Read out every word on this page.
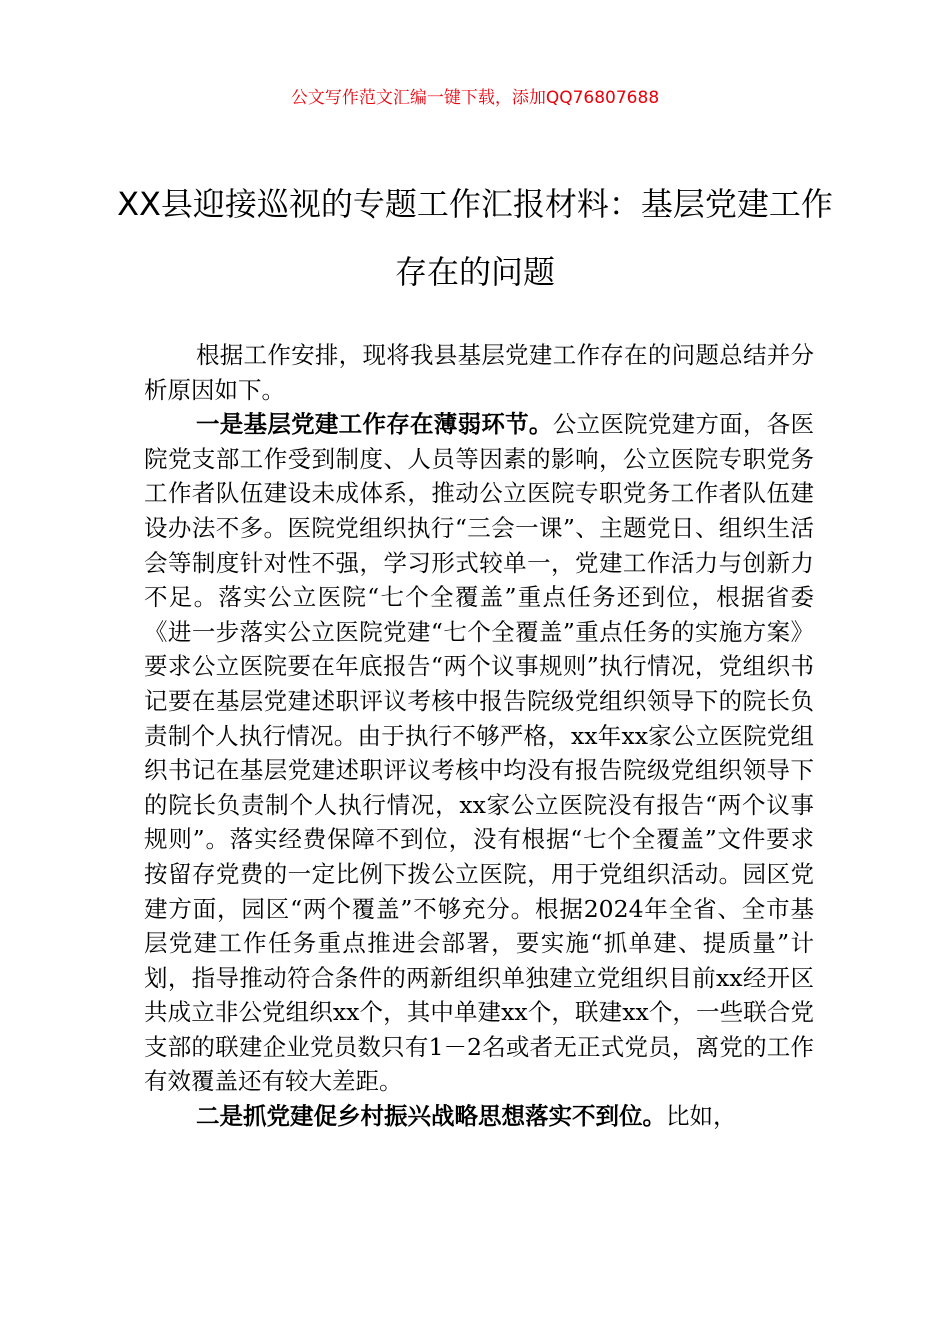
公文写作范文汇编一键下载，添加QQ76807688
XX县迎接巡视的专题工作汇报材料：基层党建工作存在的问题

根据工作安排，现将我县基层党建工作存在的问题总结并分析原因如下。

一是基层党建工作存在薄弱环节。公立医院党建方面，各医院党支部工作受到制度、人员等因素的影响，公立医院专职党务工作者队伍建设未成体系，推动公立医院专职党务工作者队伍建设办法不多。医院党组织执行“三会一课”、主题党日、组织生活会等制度针对性不强，学习形式较单一，党建工作活力与创新力不足。落实公立医院“七个全覆盖”重点任务还到位，根据省委《进一步落实公立医院党建“七个全覆盖”重点任务的实施方案》要求公立医院要在年底报告“两个议事规则”执行情况，党组织书记要在基层党建述职评议考核中报告院级党组织领导下的院长负责制个人执行情况。由于执行不够严格，xx年xx家公立医院党组织书记在基层党建述职评议考核中均没有报告院级党组织领导下的院长负责制个人执行情况，xx家公立医院没有报告“两个议事规则”。落实经费保障不到位，没有根据“七个全覆盖”文件要求按留存党费的一定比例下拨公立医院，用于党组织活动。园区党建方面，园区“两个覆盖”不够充分。根据2024年全省、全市基层党建工作任务重点推进会部署，要实施“抓单建、提质量”计划，指导推动符合条件的两新组织单独建立党组织目前xx经开区共成立非公党组织xx个，其中单建xx个，联建xx个，一些联合党支部的联建企业党员数只有1－2名或者无正式党员，离党的工作有效覆盖还有较大差距。

二是抓党建促乡村振兴战略思想落实不到位。比如，
